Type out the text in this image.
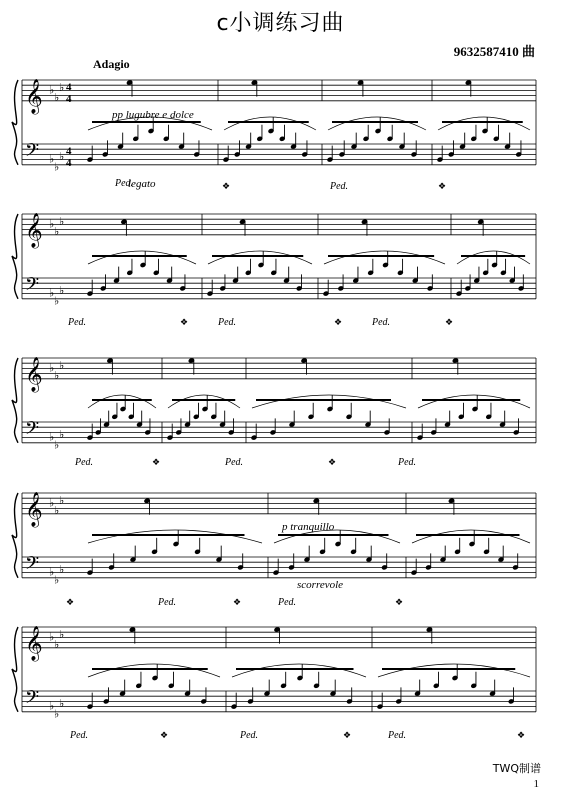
c小调练习曲
9632587410 曲
Adagio
pp lugubre e dolce
legato
p tranquillo
scorrevole
𝄞
𝄢
♭
♭
♭
♭
♭
♭
4
4
4
4
𝄞
𝄢
♭
♭
♭
♭
♭
♭
𝄞
𝄢
♭
♭
♭
♭
♭
♭
𝄞
𝄢
♭
♭
♭
♭
♭
♭
𝄞
𝄢
♭
♭
♭
♭
♭
♭
Ped.	❖	Ped.	❖
Ped.	❖	Ped.	❖	Ped.	❖
Ped.	❖	Ped.	❖	Ped.
❖	Ped.	❖	Ped.	❖
Ped.	❖	Ped.	❖	Ped.	❖
TWQ制谱
1
